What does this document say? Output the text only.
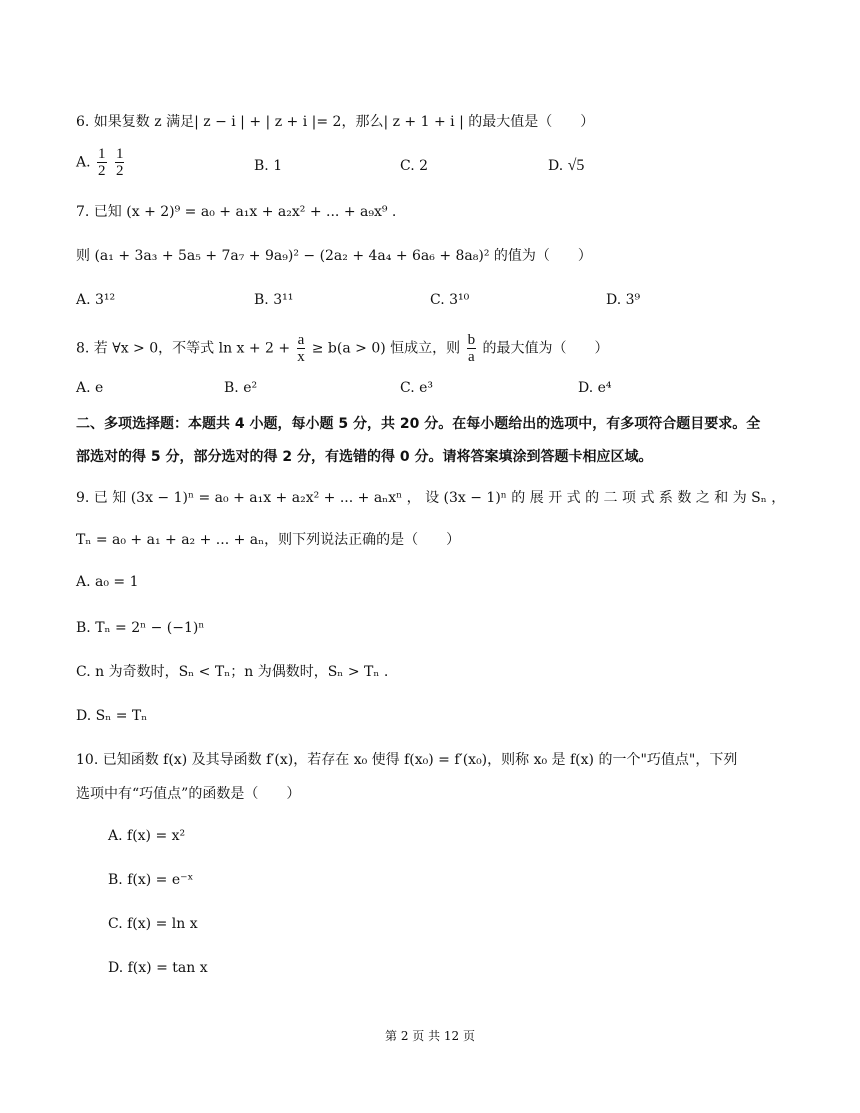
6. 如果复数 z 满足| z − i | + | z + i |= 2，那么| z + 1 + i | 的最大值是（　　）
A. $\frac{1}{2}$
$\frac{1}{2}$	B. 1	C. 2	D. √5
7. 已知 (x + 2)⁹ = a₀ + a₁x + a₂x² + ... + a₉x⁹ .
则 (a₁ + 3a₃ + 5a₅ + 7a₇ + 9a₉)² − (2a₂ + 4a₄ + 6a₆ + 8a₈)² 的值为（　　）
A. 3¹²	B. 3¹¹	C. 3¹⁰	D. 3⁹
8. 若 ∀x > 0，不等式 $\ln x + 2 + \frac{a}{x} \ge b(a > 0)$ 恒成立，则 $\frac{b}{a}$ 的最大值为（　　）
A. e	B. e²	C. e³	D. e⁴
二、多项选择题：本题共 4 小题，每小题 5 分，共 20 分。在每小题给出的选项中，有多项符合题目要求。全
部选对的得 5 分，部分选对的得 2 分，有选错的得 0 分。请将答案填涂到答题卡相应区域。
9. 已 知 (3x − 1)ⁿ = a₀ + a₁x + a₂x² + ... + aₙxⁿ ， 设 (3x − 1)ⁿ 的 展 开 式 的 二 项 式 系 数 之 和 为 Sₙ ，
Tₙ = a₀ + a₁ + a₂ + ... + aₙ，则下列说法正确的是（　　）
A. a₀ = 1
B. Tₙ = 2ⁿ − (−1)ⁿ
C. n 为奇数时，Sₙ < Tₙ；n 为偶数时，Sₙ > Tₙ .
D. Sₙ = Tₙ
10. 已知函数 f(x) 及其导函数 f′(x)，若存在 x₀ 使得 f(x₀) = f′(x₀)，则称 x₀ 是 f(x) 的一个"巧值点"，下列
选项中有“巧值点”的函数是（　　）
A. f(x) = x²
B. f(x) = e⁻ˣ
C. f(x) = ln x
D. f(x) = tan x
第 2 页 共 12 页
